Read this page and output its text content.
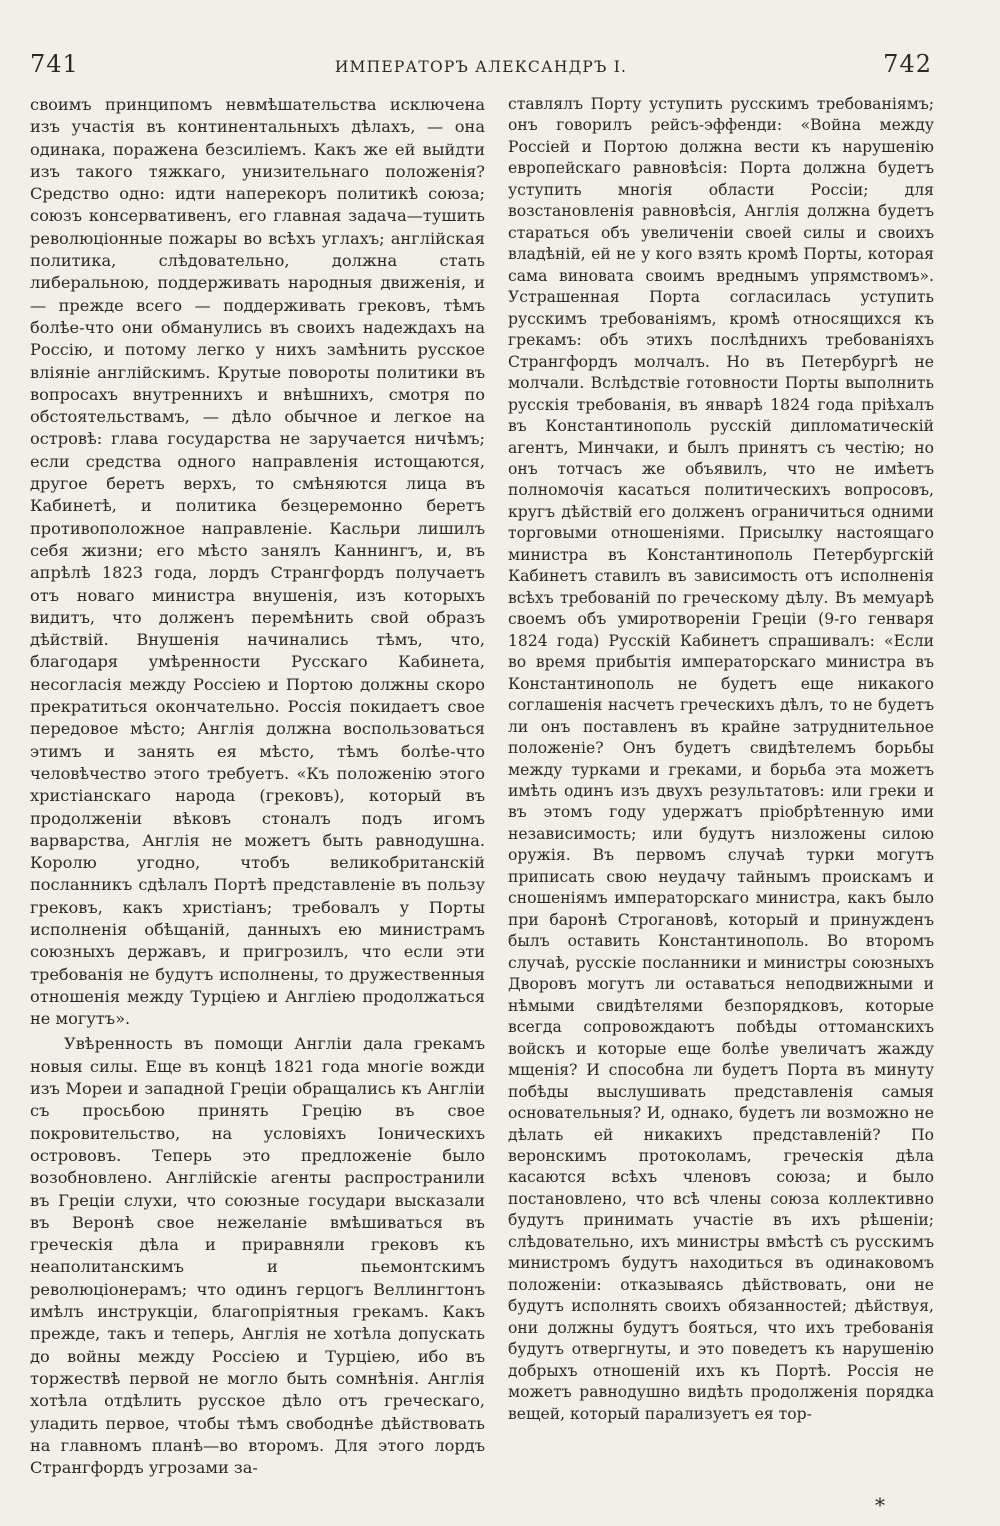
741	ИМПЕРАТОРЪ АЛЕКСАНДРЪ I.	742

своимъ принципомъ невмѣшательства исключена изъ участія въ континентальныхъ дѣлахъ, — она одинака, поражена безсиліемъ. Какъ же ей выйдти изъ такого тяжкаго, унизительнаго положенія? Средство одно: идти наперекоръ политикѣ союза; союзъ консервативенъ, его главная задача—тушить революціонные пожары во всѣхъ углахъ; англійская политика, слѣдовательно, должна стать либеральною, поддерживать народныя движенія, и — прежде всего — поддерживать грековъ, тѣмъ болѣе-что они обманулись въ своихъ надеждахъ на Россію, и потому легко у нихъ замѣнить русское вліяніе англійскимъ. Крутые повороты политики въ вопросахъ внутреннихъ и внѣшнихъ, смотря по обстоятельствамъ, — дѣло обычное и легкое на островѣ: глава государства не заручается ничѣмъ; если средства одного направленія истощаются, другое беретъ верхъ, то смѣняются лица въ Кабинетѣ, и политика безцеремонно беретъ противоположное направленіе. Касльри лишилъ себя жизни; его мѣсто занялъ Каннингъ, и, въ апрѣлѣ 1823 года, лордъ Странгфордъ получаетъ отъ новаго министра внушенія, изъ которыхъ видитъ, что долженъ перемѣнить свой образъ дѣйствій. Внушенія начинались тѣмъ, что, благодаря умѣренности Русскаго Кабинета, несогласія между Россіею и Портою должны скоро прекратиться окончательно. Россія покидаетъ свое передовое мѣсто; Англія должна воспользоваться этимъ и занять ея мѣсто, тѣмъ болѣе-что человѣчество этого требуетъ. «Къ положенію этого христіанскаго народа (грековъ), который въ продолженіи вѣковъ стоналъ подъ игомъ варварства, Англія не можетъ быть равнодушна. Королю угодно, чтобъ великобританскій посланникъ сдѣлалъ Портѣ представленіе въ пользу грековъ, какъ христіанъ; требовалъ у Порты исполненія обѣщаній, данныхъ ею министрамъ союзныхъ державъ, и пригрозилъ, что если эти требованія не будутъ исполнены, то дружественныя отношенія между Турціею и Англіею продолжаться не могутъ».

Увѣренность въ помощи Англіи дала грекамъ новыя силы. Еще въ концѣ 1821 года многіе вожди изъ Мореи и западной Греціи обращались къ Англіи съ просьбою принять Грецію въ свое покровительство, на условіяхъ Іоническихъ острововъ. Теперь это предложеніе было возобновлено. Англійскіе агенты распространили въ Греціи слухи, что союзные государи высказали въ Веронѣ свое нежеланіе вмѣшиваться въ греческія дѣла и приравняли грековъ къ неаполитанскимъ и пьемонтскимъ революціонерамъ; что одинъ герцогъ Веллингтонъ имѣлъ инструкціи, благопріятныя грекамъ. Какъ прежде, такъ и теперь, Англія не хотѣла допускать до войны между Россіею и Турціею, ибо въ торжествѣ первой не могло быть сомнѣнія. Англія хотѣла отдѣлить русское дѣло отъ греческаго, уладить первое, чтобы тѣмъ свободнѣе дѣйствовать на главномъ планѣ—во второмъ. Для этого лордъ Странгфордъ угрозами за-

ставлялъ Порту уступить русскимъ требованіямъ; онъ говорилъ рейсъ-эффенди: «Война между Россіей и Портою должна вести къ нарушенію европейскаго равновѣсія: Порта должна будетъ уступить многія области Россіи; для возстановленія равновѣсія, Англія должна будетъ стараться объ увеличеніи своей силы и своихъ владѣній, ей не у кого взять кромѣ Порты, которая сама виновата своимъ вреднымъ упрямствомъ». Устрашенная Порта согласилась уступить русскимъ требованіямъ, кромѣ относящихся къ грекамъ: объ этихъ послѣднихъ требованіяхъ Странгфордъ молчалъ. Но въ Петербургѣ не молчали. Вслѣдствіе готовности Порты выполнить русскія требованія, въ январѣ 1824 года пріѣхалъ въ Константинополь русскій дипломатическій агентъ, Минчаки, и былъ принятъ съ честію; но онъ тотчасъ же объявилъ, что не имѣетъ полномочія касаться политическихъ вопросовъ, кругъ дѣйствій его долженъ ограничиться одними торговыми отношеніями. Присылку настоящаго министра въ Константинополь Петербургскій Кабинетъ ставилъ въ зависимость отъ исполненія всѣхъ требованій по греческому дѣлу. Въ мемуарѣ своемъ объ умиротвореніи Греціи (9-го генваря 1824 года) Русскій Кабинетъ спрашивалъ: «Если во время прибытія императорскаго министра въ Константинополь не будетъ еще никакого соглашенія насчетъ греческихъ дѣлъ, то не будетъ ли онъ поставленъ въ крайне затруднительное положеніе? Онъ будетъ свидѣтелемъ борьбы между турками и греками, и борьба эта можетъ имѣть одинъ изъ двухъ результатовъ: или греки и въ этомъ году удержатъ пріобрѣтенную ими независимость; или будутъ низложены силою оружія. Въ первомъ случаѣ турки могутъ приписать свою неудачу тайнымъ проискамъ и сношеніямъ императорскаго министра, какъ было при баронѣ Строгановѣ, который и принужденъ былъ оставить Константинополь. Во второмъ случаѣ, русскіе посланники и министры союзныхъ Дворовъ могутъ ли оставаться неподвижными и нѣмыми свидѣтелями безпорядковъ, которые всегда сопровождаютъ побѣды оттоманскихъ войскъ и которые еще болѣе увеличатъ жажду мщенія? И способна ли будетъ Порта въ минуту побѣды выслушивать представленія самыя основательныя? И, однако, будетъ ли возможно не дѣлать ей никакихъ представленій? По веронскимъ протоколамъ, греческія дѣла касаются всѣхъ членовъ союза; и было постановлено, что всѣ члены союза коллективно будутъ принимать участіе въ ихъ рѣшеніи; слѣдовательно, ихъ министры вмѣстѣ съ русскимъ министромъ будутъ находиться въ одинаковомъ положеніи: отказываясь дѣйствовать, они не будутъ исполнять своихъ обязанностей; дѣйствуя, они должны будутъ бояться, что ихъ требованія будутъ отвергнуты, и это поведетъ къ нарушенію добрыхъ отношеній ихъ къ Портѣ. Россія не можетъ равнодушно видѣть продолженія порядка вещей, который парализуетъ ея тор-

*
